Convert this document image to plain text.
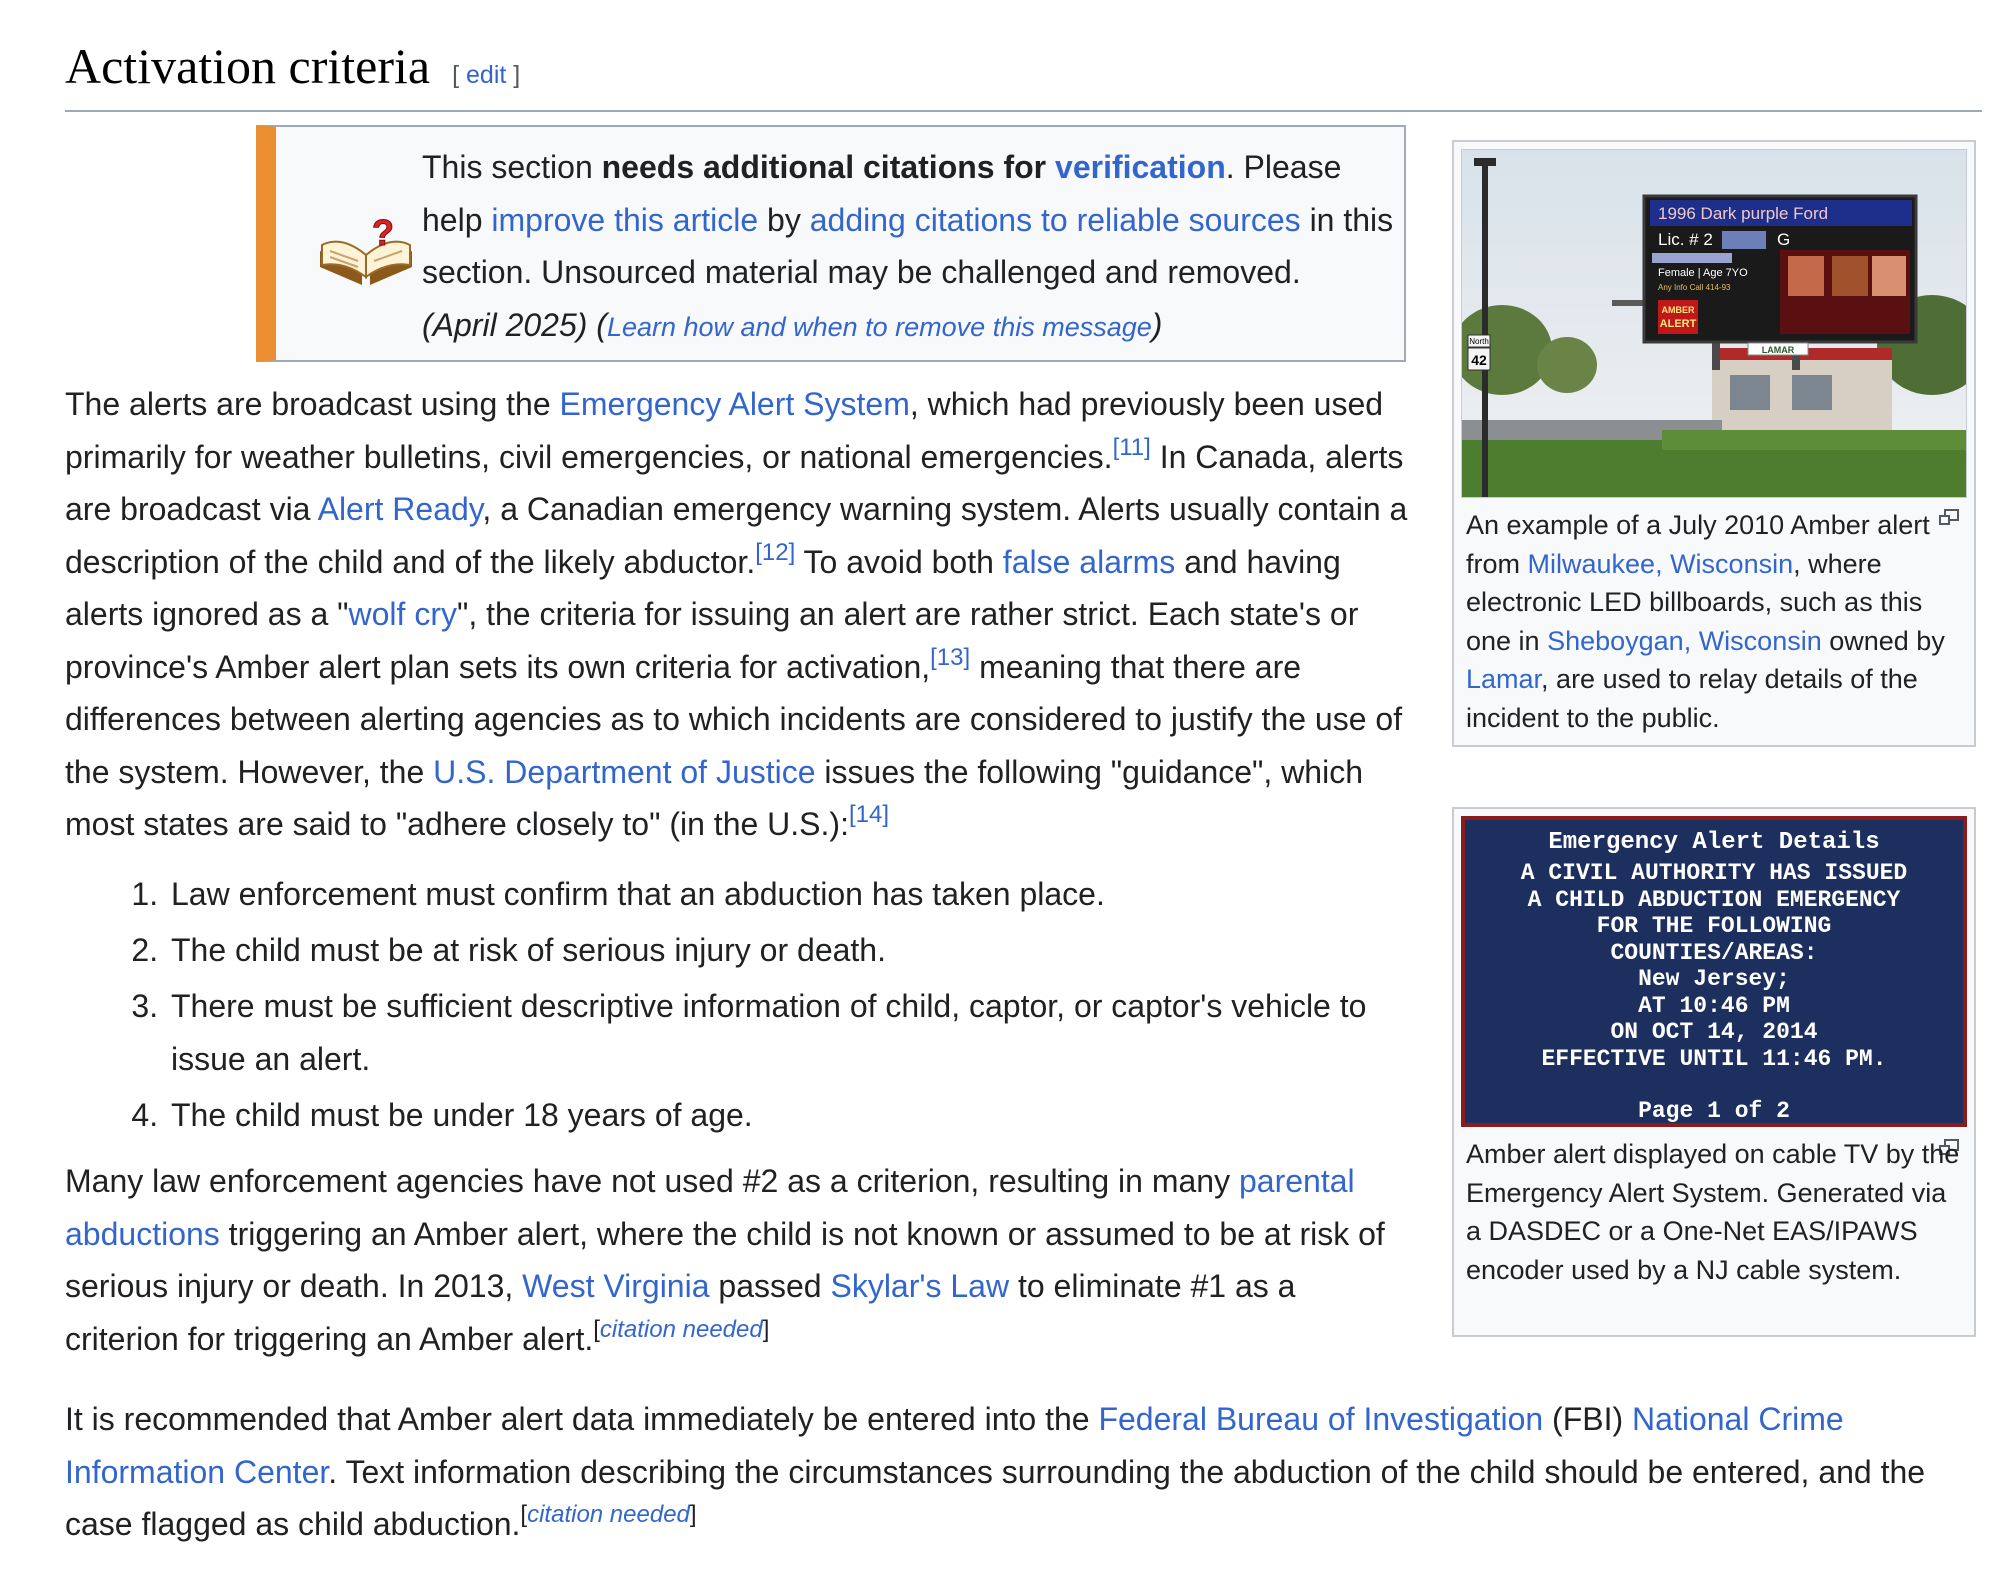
Activation criteria [ edit ]
?
This section needs additional citations for verification. Please help improve this article by adding citations to reliable sources in this section. Unsourced material may be challenged and removed.
(April 2025) (Learn how and when to remove this message)
The alerts are broadcast using the Emergency Alert System, which had previously been used primarily for weather bulletins, civil emergencies, or national emergencies.[11] In Canada, alerts are broadcast via Alert Ready, a Canadian emergency warning system. Alerts usually contain a description of the child and of the likely abductor.[12] To avoid both false alarms and having alerts ignored as a "wolf cry", the criteria for issuing an alert are rather strict. Each state's or province's Amber alert plan sets its own criteria for activation,[13] meaning that there are differences between alerting agencies as to which incidents are considered to justify the use of the system. However, the U.S. Department of Justice issues the following "guidance", which most states are said to "adhere closely to" (in the U.S.):[14]
1. Law enforcement must confirm that an abduction has taken place.
2. The child must be at risk of serious injury or death.
3. There must be sufficient descriptive information of child, captor, or captor's vehicle to issue an alert.
4. The child must be under 18 years of age.
Many law enforcement agencies have not used #2 as a criterion, resulting in many parental abductions triggering an Amber alert, where the child is not known or assumed to be at risk of serious injury or death. In 2013, West Virginia passed Skylar's Law to eliminate #1 as a criterion for triggering an Amber alert.[citation needed]
It is recommended that Amber alert data immediately be entered into the Federal Bureau of Investigation (FBI) National Crime Information Center. Text information describing the circumstances surrounding the abduction of the child should be entered, and the case flagged as child abduction.[citation needed]
North
42
1996 Dark purple Ford
Lic. # 2	G
Female | Age 7YO
Any Info Call 414-93
AMBER
ALERT
LAMAR
An example of a July 2010 Amber alert from Milwaukee, Wisconsin, where electronic LED billboards, such as this one in Sheboygan, Wisconsin owned by Lamar, are used to relay details of the incident to the public.
Emergency Alert Details
A CIVIL AUTHORITY HAS ISSUED
A CHILD ABDUCTION EMERGENCY
FOR THE FOLLOWING
COUNTIES/AREAS:
New Jersey;
AT 10:46 PM
ON OCT 14, 2014
EFFECTIVE UNTIL 11:46 PM.
Page 1 of 2
Amber alert displayed on cable TV by the Emergency Alert System. Generated via a DASDEC or a One-Net EAS/IPAWS encoder used by a NJ cable system.
